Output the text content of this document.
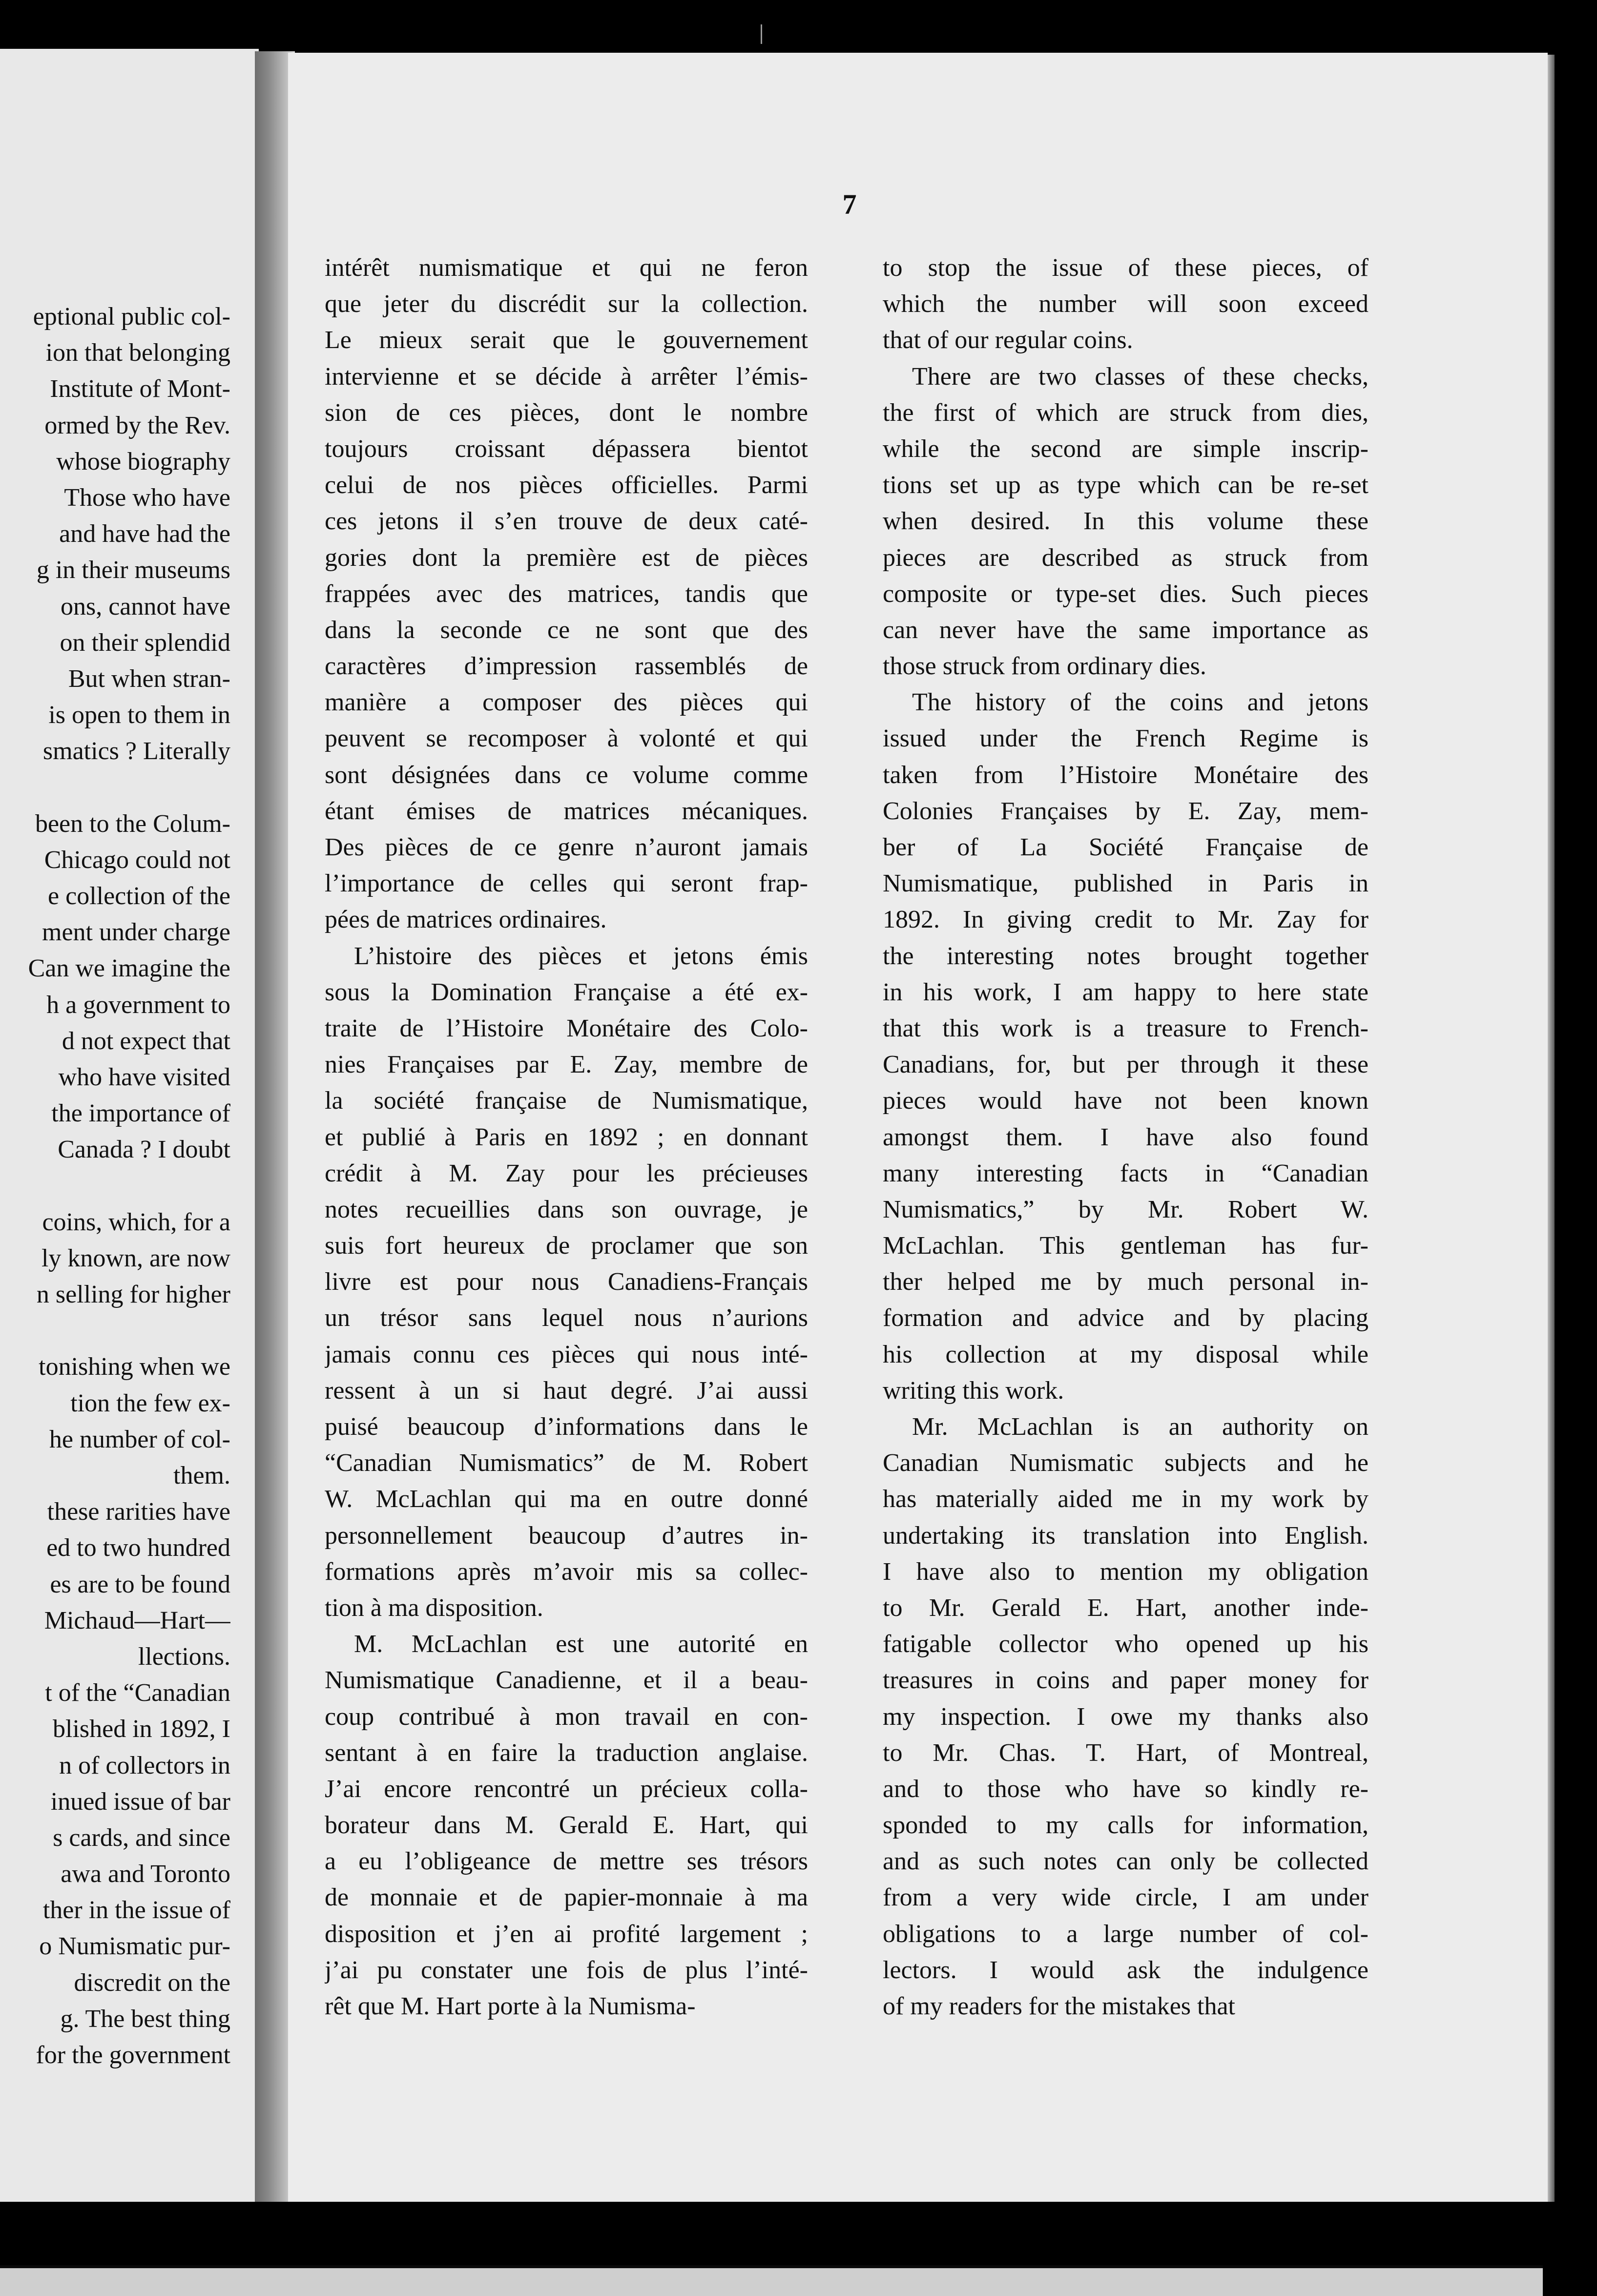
eptional public col-
ion that belonging
Institute of Mont-
ormed by the Rev.
whose biography
Those who have
and have had the
g in their museums
ons, cannot have
on their splendid
But when stran-
is open to them in
smatics ? Literally
been to the Colum-
Chicago could not
e collection of the
ment under charge
Can we imagine the
h a government to
d not expect that
who have visited
the importance of
Canada ? I doubt
coins, which, for a
ly known, are now
n selling for higher
tonishing when we
tion the few ex-
he number of col-
them.
these rarities have
ed to two hundred
es are to be found
Michaud—Hart—
llections.
t of the “Canadian
blished in 1892, I
n of collectors in
inued issue of bar
s cards, and since
awa and Toronto
ther in the issue of
o Numismatic pur-
discredit on the
g. The best thing
for the government
7
intérêt numismatique et qui ne feron
que jeter du discrédit sur la collection.
Le mieux serait que le gouvernement
intervienne et se décide à arrêter l’émis-
sion de ces pièces, dont le nombre
toujours croissant dépassera bientot
celui de nos pièces officielles. Parmi
ces jetons il s’en trouve de deux caté-
gories dont la première est de pièces
frappées avec des matrices, tandis que
dans la seconde ce ne sont que des
caractères d’impression rassemblés de
manière a composer des pièces qui
peuvent se recomposer à volonté et qui
sont désignées dans ce volume comme
étant émises de matrices mécaniques.
Des pièces de ce genre n’auront jamais
l’importance de celles qui seront frap-
pées de matrices ordinaires.
L’histoire des pièces et jetons émis
sous la Domination Française a été ex-
traite de l’Histoire Monétaire des Colo-
nies Françaises par E. Zay, membre de
la société française de Numismatique,
et publié à Paris en 1892 ; en donnant
crédit à M. Zay pour les précieuses
notes recueillies dans son ouvrage, je
suis fort heureux de proclamer que son
livre est pour nous Canadiens-Français
un trésor sans lequel nous n’aurions
jamais connu ces pièces qui nous inté-
ressent à un si haut degré. J’ai aussi
puisé beaucoup d’informations dans le
“Canadian Numismatics” de M. Robert
W. McLachlan qui ma en outre donné
personnellement beaucoup d’autres in-
formations après m’avoir mis sa collec-
tion à ma disposition.
M. McLachlan est une autorité en
Numismatique Canadienne, et il a beau-
coup contribué à mon travail en con-
sentant à en faire la traduction anglaise.
J’ai encore rencontré un précieux colla-
borateur dans M. Gerald E. Hart, qui
a eu l’obligeance de mettre ses trésors
de monnaie et de papier-monnaie à ma
disposition et j’en ai profité largement ;
j’ai pu constater une fois de plus l’inté-
rêt que M. Hart porte à la Numisma-
to stop the issue of these pieces, of
which the number will soon exceed
that of our regular coins.
There are two classes of these checks,
the first of which are struck from dies,
while the second are simple inscrip-
tions set up as type which can be re-set
when desired. In this volume these
pieces are described as struck from
composite or type-set dies. Such pieces
can never have the same importance as
those struck from ordinary dies.
The history of the coins and jetons
issued under the French Regime is
taken from l’Histoire Monétaire des
Colonies Françaises by E. Zay, mem-
ber of La Société Française de
Numismatique, published in Paris in
1892. In giving credit to Mr. Zay for
the interesting notes brought together
in his work, I am happy to here state
that this work is a treasure to French-
Canadians, for, but per through it these
pieces would have not been known
amongst them. I have also found
many interesting facts in “Canadian
Numismatics,” by Mr. Robert W.
McLachlan. This gentleman has fur-
ther helped me by much personal in-
formation and advice and by placing
his collection at my disposal while
writing this work.
Mr. McLachlan is an authority on
Canadian Numismatic subjects and he
has materially aided me in my work by
undertaking its translation into English.
I have also to mention my obligation
to Mr. Gerald E. Hart, another inde-
fatigable collector who opened up his
treasures in coins and paper money for
my inspection. I owe my thanks also
to Mr. Chas. T. Hart, of Montreal,
and to those who have so kindly re-
sponded to my calls for information,
and as such notes can only be collected
from a very wide circle, I am under
obligations to a large number of col-
lectors. I would ask the indulgence
of my readers for the mistakes that
